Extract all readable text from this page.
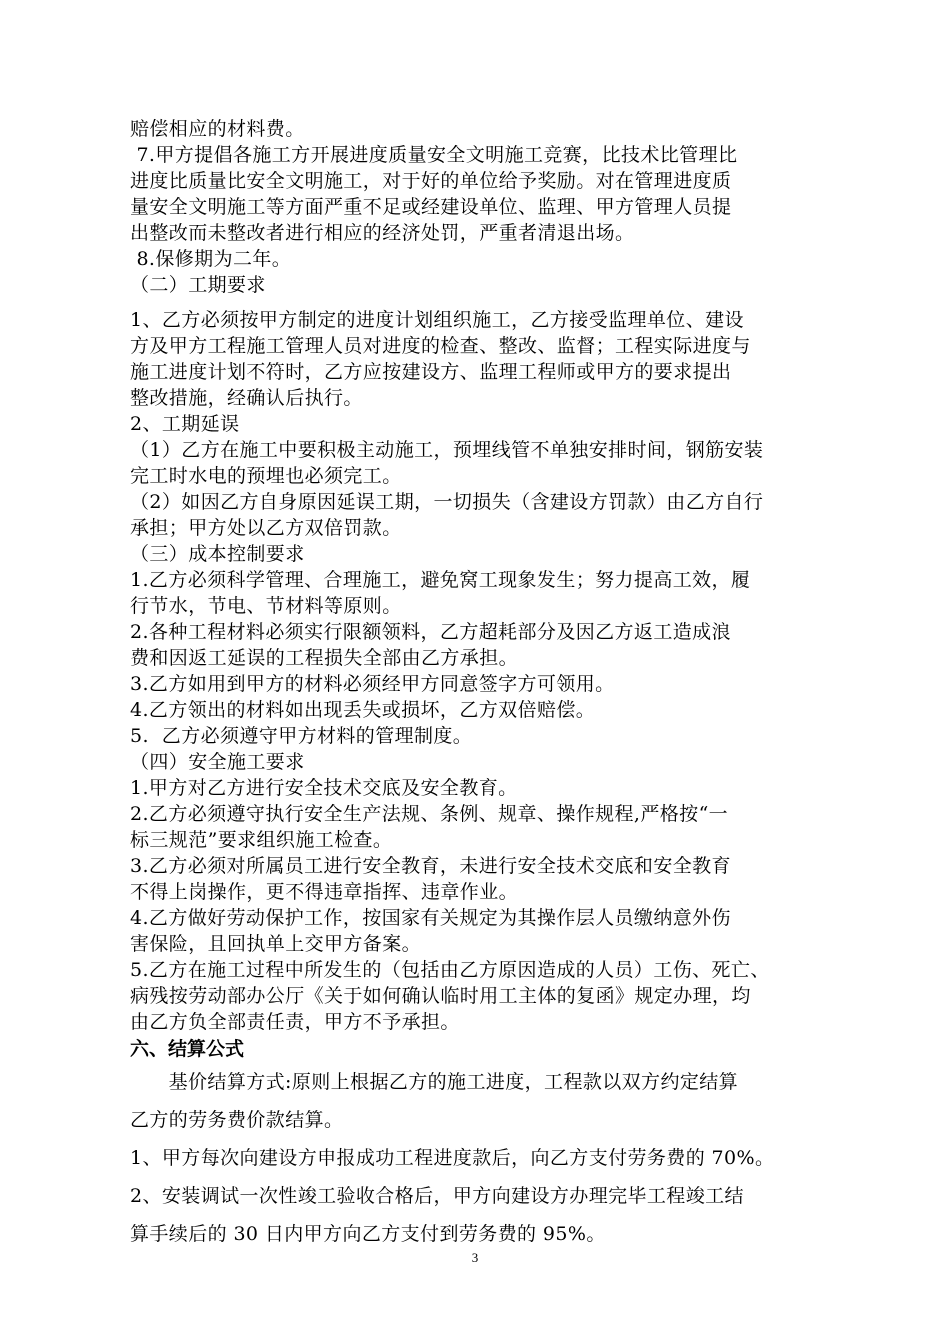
赔偿相应的材料费。
7.甲方提倡各施工方开展进度质量安全文明施工竞赛，比技术比管理比
进度比质量比安全文明施工，对于好的单位给予奖励。对在管理进度质
量安全文明施工等方面严重不足或经建设单位、监理、甲方管理人员提
出整改而未整改者进行相应的经济处罚，严重者清退出场。
8.保修期为二年。
（二）工期要求
1、乙方必须按甲方制定的进度计划组织施工，乙方接受监理单位、建设
方及甲方工程施工管理人员对进度的检查、整改、监督；工程实际进度与
施工进度计划不符时，乙方应按建设方、监理工程师或甲方的要求提出
整改措施，经确认后执行。
2、工期延误
（1）乙方在施工中要积极主动施工，预埋线管不单独安排时间，钢筋安装
完工时水电的预埋也必须完工。
（2）如因乙方自身原因延误工期，一切损失（含建设方罚款）由乙方自行
承担；甲方处以乙方双倍罚款。
（三）成本控制要求
1.乙方必须科学管理、合理施工，避免窝工现象发生；努力提高工效，履
行节水，节电、节材料等原则。
2.各种工程材料必须实行限额领料，乙方超耗部分及因乙方返工造成浪
费和因返工延误的工程损失全部由乙方承担。
3.乙方如用到甲方的材料必须经甲方同意签字方可领用。
4.乙方领出的材料如出现丢失或损坏，乙方双倍赔偿。
5.  乙方必须遵守甲方材料的管理制度。
（四）安全施工要求
1.甲方对乙方进行安全技术交底及安全教育。
2.乙方必须遵守执行安全生产法规、条例、规章、操作规程,严格按“一
标三规范”要求组织施工检查。
3.乙方必须对所属员工进行安全教育，未进行安全技术交底和安全教育
不得上岗操作，更不得违章指挥、违章作业。
4.乙方做好劳动保护工作，按国家有关规定为其操作层人员缴纳意外伤
害保险，且回执单上交甲方备案。
5.乙方在施工过程中所发生的（包括由乙方原因造成的人员）工伤、死亡、
病残按劳动部办公厅《关于如何确认临时用工主体的复函》规定办理，均
由乙方负全部责任责，甲方不予承担。
六、结算公式
基价结算方式:原则上根据乙方的施工进度，工程款以双方约定结算
乙方的劳务费价款结算。
1、甲方每次向建设方申报成功工程进度款后，向乙方支付劳务费的 70%。
2、安装调试一次性竣工验收合格后，甲方向建设方办理完毕工程竣工结
算手续后的 30 日内甲方向乙方支付到劳务费的 95%。
3
